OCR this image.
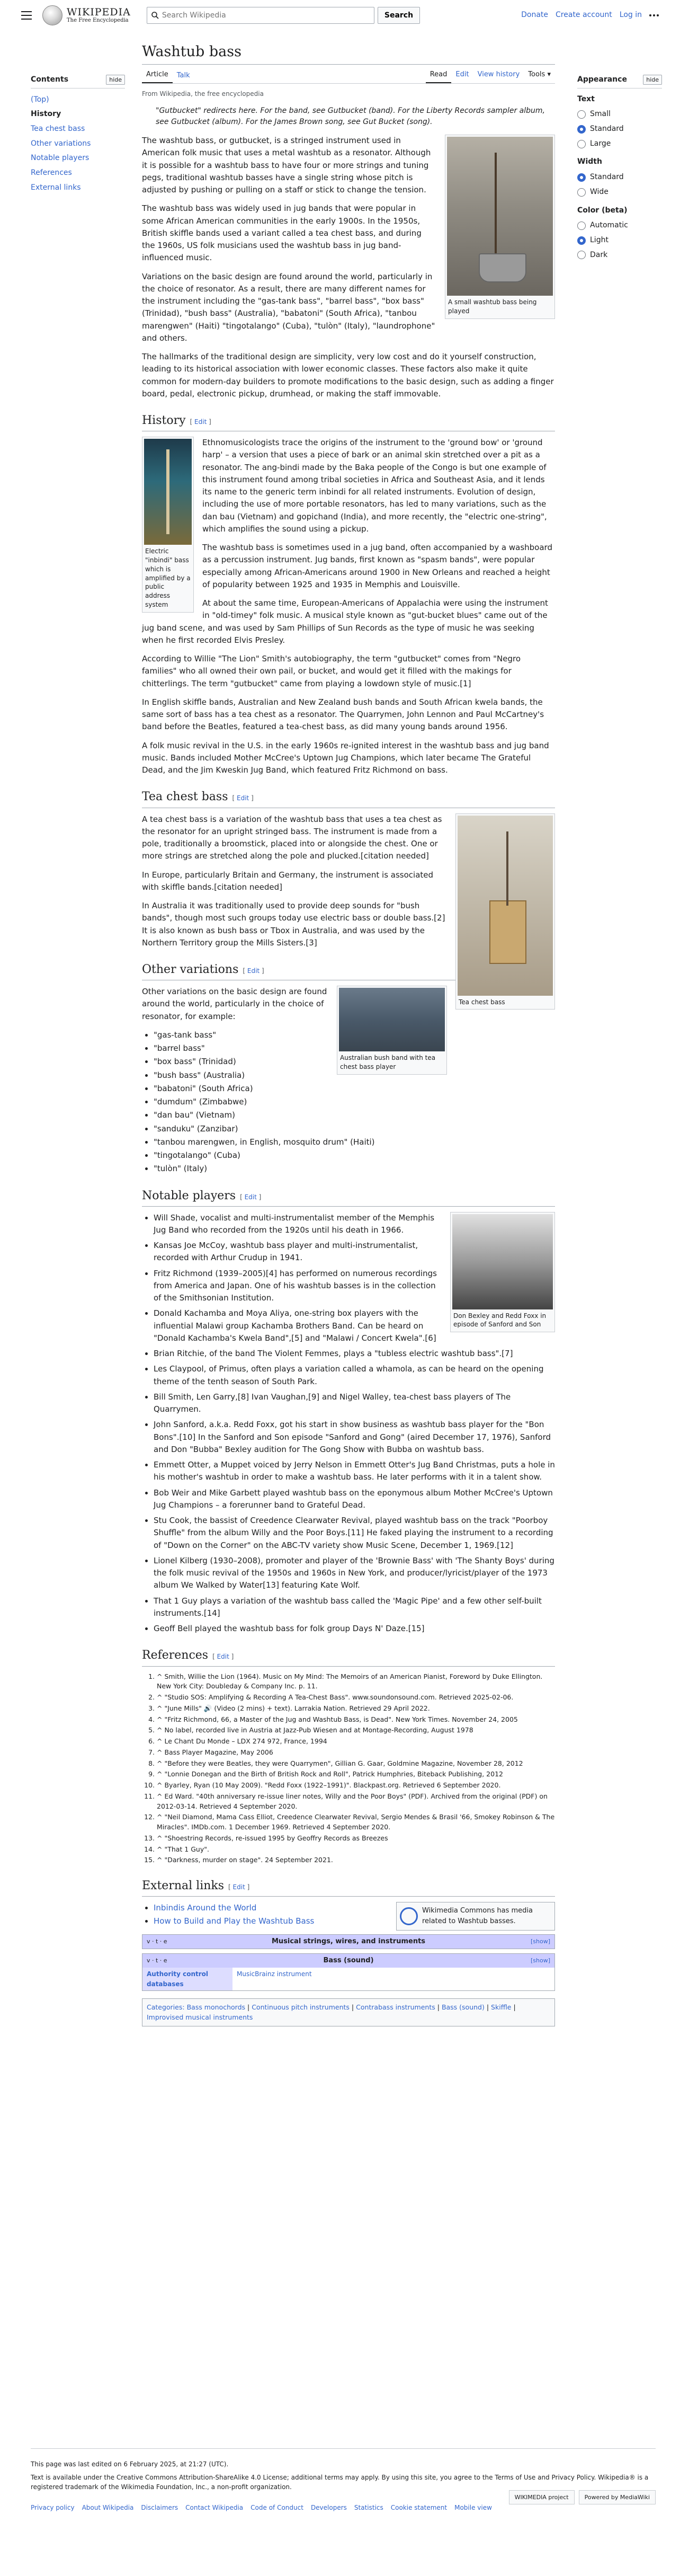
WIKIPEDIA
The Free Encyclopedia
Search Wikipedia
Search	Donate Create account Log in
Contents	hide
(Top)
History
Tea chest bass
Other variations
Notable players
References
External links
Appearance	hide
Text
Small
Standard
Large
Width
Standard
Wide
Color (beta)
Automatic
Light
Dark
Washtub bass
Article	Talk	Read	Edit	View history	Tools ▾
From Wikipedia, the free encyclopedia
"Gutbucket" redirects here. For the band, see Gutbucket (band). For the Liberty Records sampler album, see Gutbucket (album). For the James Brown song, see Gut Bucket (song).
A small washtub bass being played

The washtub bass, or gutbucket, is a stringed instrument used in American folk music that uses a metal washtub as a resonator. Although it is possible for a washtub bass to have four or more strings and tuning pegs, traditional washtub basses have a single string whose pitch is adjusted by pushing or pulling on a staff or stick to change the tension.

The washtub bass was widely used in jug bands that were popular in some African American communities in the early 1900s. In the 1950s, British skiffle bands used a variant called a tea chest bass, and during the 1960s, US folk musicians used the washtub bass in jug band-influenced music.

Variations on the basic design are found around the world, particularly in the choice of resonator. As a result, there are many different names for the instrument including the "gas-tank bass", "barrel bass", "box bass" (Trinidad), "bush bass" (Australia), "babatoni" (South Africa), "tanbou marengwen" (Haiti) "tingotalango" (Cuba), "tulòn" (Italy), "laundrophone" and others.

The hallmarks of the traditional design are simplicity, very low cost and do it yourself construction, leading to its historical association with lower economic classes. These factors also make it quite common for modern-day builders to promote modifications to the basic design, such as adding a finger board, pedal, electronic pickup, drumhead, or making the staff immovable.

History [ Edit ]
Electric "inbindi" bass which is amplified by a public address system

Ethnomusicologists trace the origins of the instrument to the 'ground bow' or 'ground harp' – a version that uses a piece of bark or an animal skin stretched over a pit as a resonator. The ang-bindi made by the Baka people of the Congo is but one example of this instrument found among tribal societies in Africa and Southeast Asia, and it lends its name to the generic term inbindi for all related instruments. Evolution of design, including the use of more portable resonators, has led to many variations, such as the dan bau (Vietnam) and gopichand (India), and more recently, the "electric one-string", which amplifies the sound using a pickup.

The washtub bass is sometimes used in a jug band, often accompanied by a washboard as a percussion instrument. Jug bands, first known as "spasm bands", were popular especially among African-Americans around 1900 in New Orleans and reached a height of popularity between 1925 and 1935 in Memphis and Louisville.

At about the same time, European-Americans of Appalachia were using the instrument in "old-timey" folk music. A musical style known as "gut-bucket blues" came out of the jug band scene, and was used by Sam Phillips of Sun Records as the type of music he was seeking when he first recorded Elvis Presley.

According to Willie "The Lion" Smith's autobiography, the term "gutbucket" comes from "Negro families" who all owned their own pail, or bucket, and would get it filled with the makings for chitterlings. The term "gutbucket" came from playing a lowdown style of music.[1]

In English skiffle bands, Australian and New Zealand bush bands and South African kwela bands, the same sort of bass has a tea chest as a resonator. The Quarrymen, John Lennon and Paul McCartney's band before the Beatles, featured a tea-chest bass, as did many young bands around 1956.

A folk music revival in the U.S. in the early 1960s re-ignited interest in the washtub bass and jug band music. Bands included Mother McCree's Uptown Jug Champions, which later became The Grateful Dead, and the Jim Kweskin Jug Band, which featured Fritz Richmond on bass.

Tea chest bass [ Edit ]
Tea chest bass

A tea chest bass is a variation of the washtub bass that uses a tea chest as the resonator for an upright stringed bass. The instrument is made from a pole, traditionally a broomstick, placed into or alongside the chest. One or more strings are stretched along the pole and plucked.[citation needed]

In Europe, particularly Britain and Germany, the instrument is associated with skiffle bands.[citation needed]

In Australia it was traditionally used to provide deep sounds for "bush bands", though most such groups today use electric bass or double bass.[2] It is also known as bush bass or Tbox in Australia, and was used by the Northern Territory group the Mills Sisters.[3]

Other variations [ Edit ]
Australian bush band with tea chest bass player

Other variations on the basic design are found around the world, particularly in the choice of resonator, for example:

• "gas-tank bass"
• "barrel bass"
• "box bass" (Trinidad)
• "bush bass" (Australia)
• "babatoni" (South Africa)
• "dumdum" (Zimbabwe)
• "dan bau" (Vietnam)
• "sanduku" (Zanzibar)
• "tanbou marengwen, in English, mosquito drum" (Haiti)
• "tingotalango" (Cuba)
• "tulòn" (Italy)
Notable players [ Edit ]
Don Bexley and Redd Foxx in episode of Sanford and Son
• Will Shade, vocalist and multi-instrumentalist member of the Memphis Jug Band who recorded from the 1920s until his death in 1966.
• Kansas Joe McCoy, washtub bass player and multi-instrumentalist, recorded with Arthur Crudup in 1941.
• Fritz Richmond (1939–2005)[4] has performed on numerous recordings from America and Japan. One of his washtub basses is in the collection of the Smithsonian Institution.
• Donald Kachamba and Moya Aliya, one-string box players with the influential Malawi group Kachamba Brothers Band. Can be heard on "Donald Kachamba's Kwela Band",[5] and "Malawi / Concert Kwela".[6]
• Brian Ritchie, of the band The Violent Femmes, plays a "tubless electric washtub bass".[7]
• Les Claypool, of Primus, often plays a variation called a whamola, as can be heard on the opening theme of the tenth season of South Park.
• Bill Smith, Len Garry,[8] Ivan Vaughan,[9] and Nigel Walley, tea-chest bass players of The Quarrymen.
• John Sanford, a.k.a. Redd Foxx, got his start in show business as washtub bass player for the "Bon Bons".[10] In the Sanford and Son episode "Sanford and Gong" (aired December 17, 1976), Sanford and Don "Bubba" Bexley audition for The Gong Show with Bubba on washtub bass.
• Emmett Otter, a Muppet voiced by Jerry Nelson in Emmett Otter's Jug Band Christmas, puts a hole in his mother's washtub in order to make a washtub bass. He later performs with it in a talent show.
• Bob Weir and Mike Garbett played washtub bass on the eponymous album Mother McCree's Uptown Jug Champions – a forerunner band to Grateful Dead.
• Stu Cook, the bassist of Creedence Clearwater Revival, played washtub bass on the track "Poorboy Shuffle" from the album Willy and the Poor Boys.[11] He faked playing the instrument to a recording of "Down on the Corner" on the ABC-TV variety show Music Scene, December 1, 1969.[12]
• Lionel Kilberg (1930–2008), promoter and player of the 'Brownie Bass' with 'The Shanty Boys' during the folk music revival of the 1950s and 1960s in New York, and producer/lyricist/player of the 1973 album We Walked by Water[13] featuring Kate Wolf.
• That 1 Guy plays a variation of the washtub bass called the 'Magic Pipe' and a few other self-built instruments.[14]
• Geoff Bell played the washtub bass for folk group Days N' Daze.[15]
References [ Edit ]
1. ^ Smith, Willie the Lion (1964). Music on My Mind: The Memoirs of an American Pianist, Foreword by Duke Ellington. New York City: Doubleday & Company Inc. p. 11.
2. ^ "Studio SOS: Amplifying & Recording A Tea-Chest Bass". www.soundonsound.com. Retrieved 2025-02-06.
3. ^ "June Mills" 🔊 (Video (2 mins) + text). Larrakia Nation. Retrieved 29 April 2022.
4. ^ "Fritz Richmond, 66, a Master of the Jug and Washtub Bass, is Dead". New York Times. November 24, 2005
5. ^ No label, recorded live in Austria at Jazz-Pub Wiesen and at Montage-Recording, August 1978
6. ^ Le Chant Du Monde – LDX 274 972, France, 1994
7. ^ Bass Player Magazine, May 2006
8. ^ "Before they were Beatles, they were Quarrymen", Gillian G. Gaar, Goldmine Magazine, November 28, 2012
9. ^ "Lonnie Donegan and the Birth of British Rock and Roll", Patrick Humphries, Biteback Publishing, 2012
10. ^ Byarley, Ryan (10 May 2009). "Redd Foxx (1922–1991)". Blackpast.org. Retrieved 6 September 2020.
11. ^ Ed Ward. "40th anniversary re-issue liner notes, Willy and the Poor Boys" (PDF). Archived from the original (PDF) on 2012-03-14. Retrieved 4 September 2020.
12. ^ "Neil Diamond, Mama Cass Elliot, Creedence Clearwater Revival, Sergio Mendes & Brasil '66, Smokey Robinson & The Miracles". IMDb.com. 1 December 1969. Retrieved 4 September 2020.
13. ^ "Shoestring Records, re-issued 1995 by Geoffry Records as Breezes
14. ^ "That 1 Guy".
15. ^ "Darkness, murder on stage". 24 September 2021.
External links [ Edit ]
Wikimedia Commons has media related to Washtub basses.
• Inbindis Around the World
• How to Build and Play the Washtub Bass
v · t · e	Musical strings, wires, and instruments	[show]
v · t · e	Bass (sound)	[show]
Authority control databases
MusicBrainz instrument
Categories: Bass monochords | Continuous pitch instruments | Contrabass instruments | Bass (sound) | Skiffle | Improvised musical instruments
This page was last edited on 6 February 2025, at 21:27 (UTC).
Text is available under the Creative Commons Attribution-ShareAlike 4.0 License; additional terms may apply. By using this site, you agree to the Terms of Use and Privacy Policy. Wikipedia® is a registered trademark of the Wikimedia Foundation, Inc., a non-profit organization.
Privacy policy About Wikipedia Disclaimers Contact Wikipedia Code of Conduct Developers Statistics Cookie statement Mobile view
WIKIMEDIA project	Powered by MediaWiki
